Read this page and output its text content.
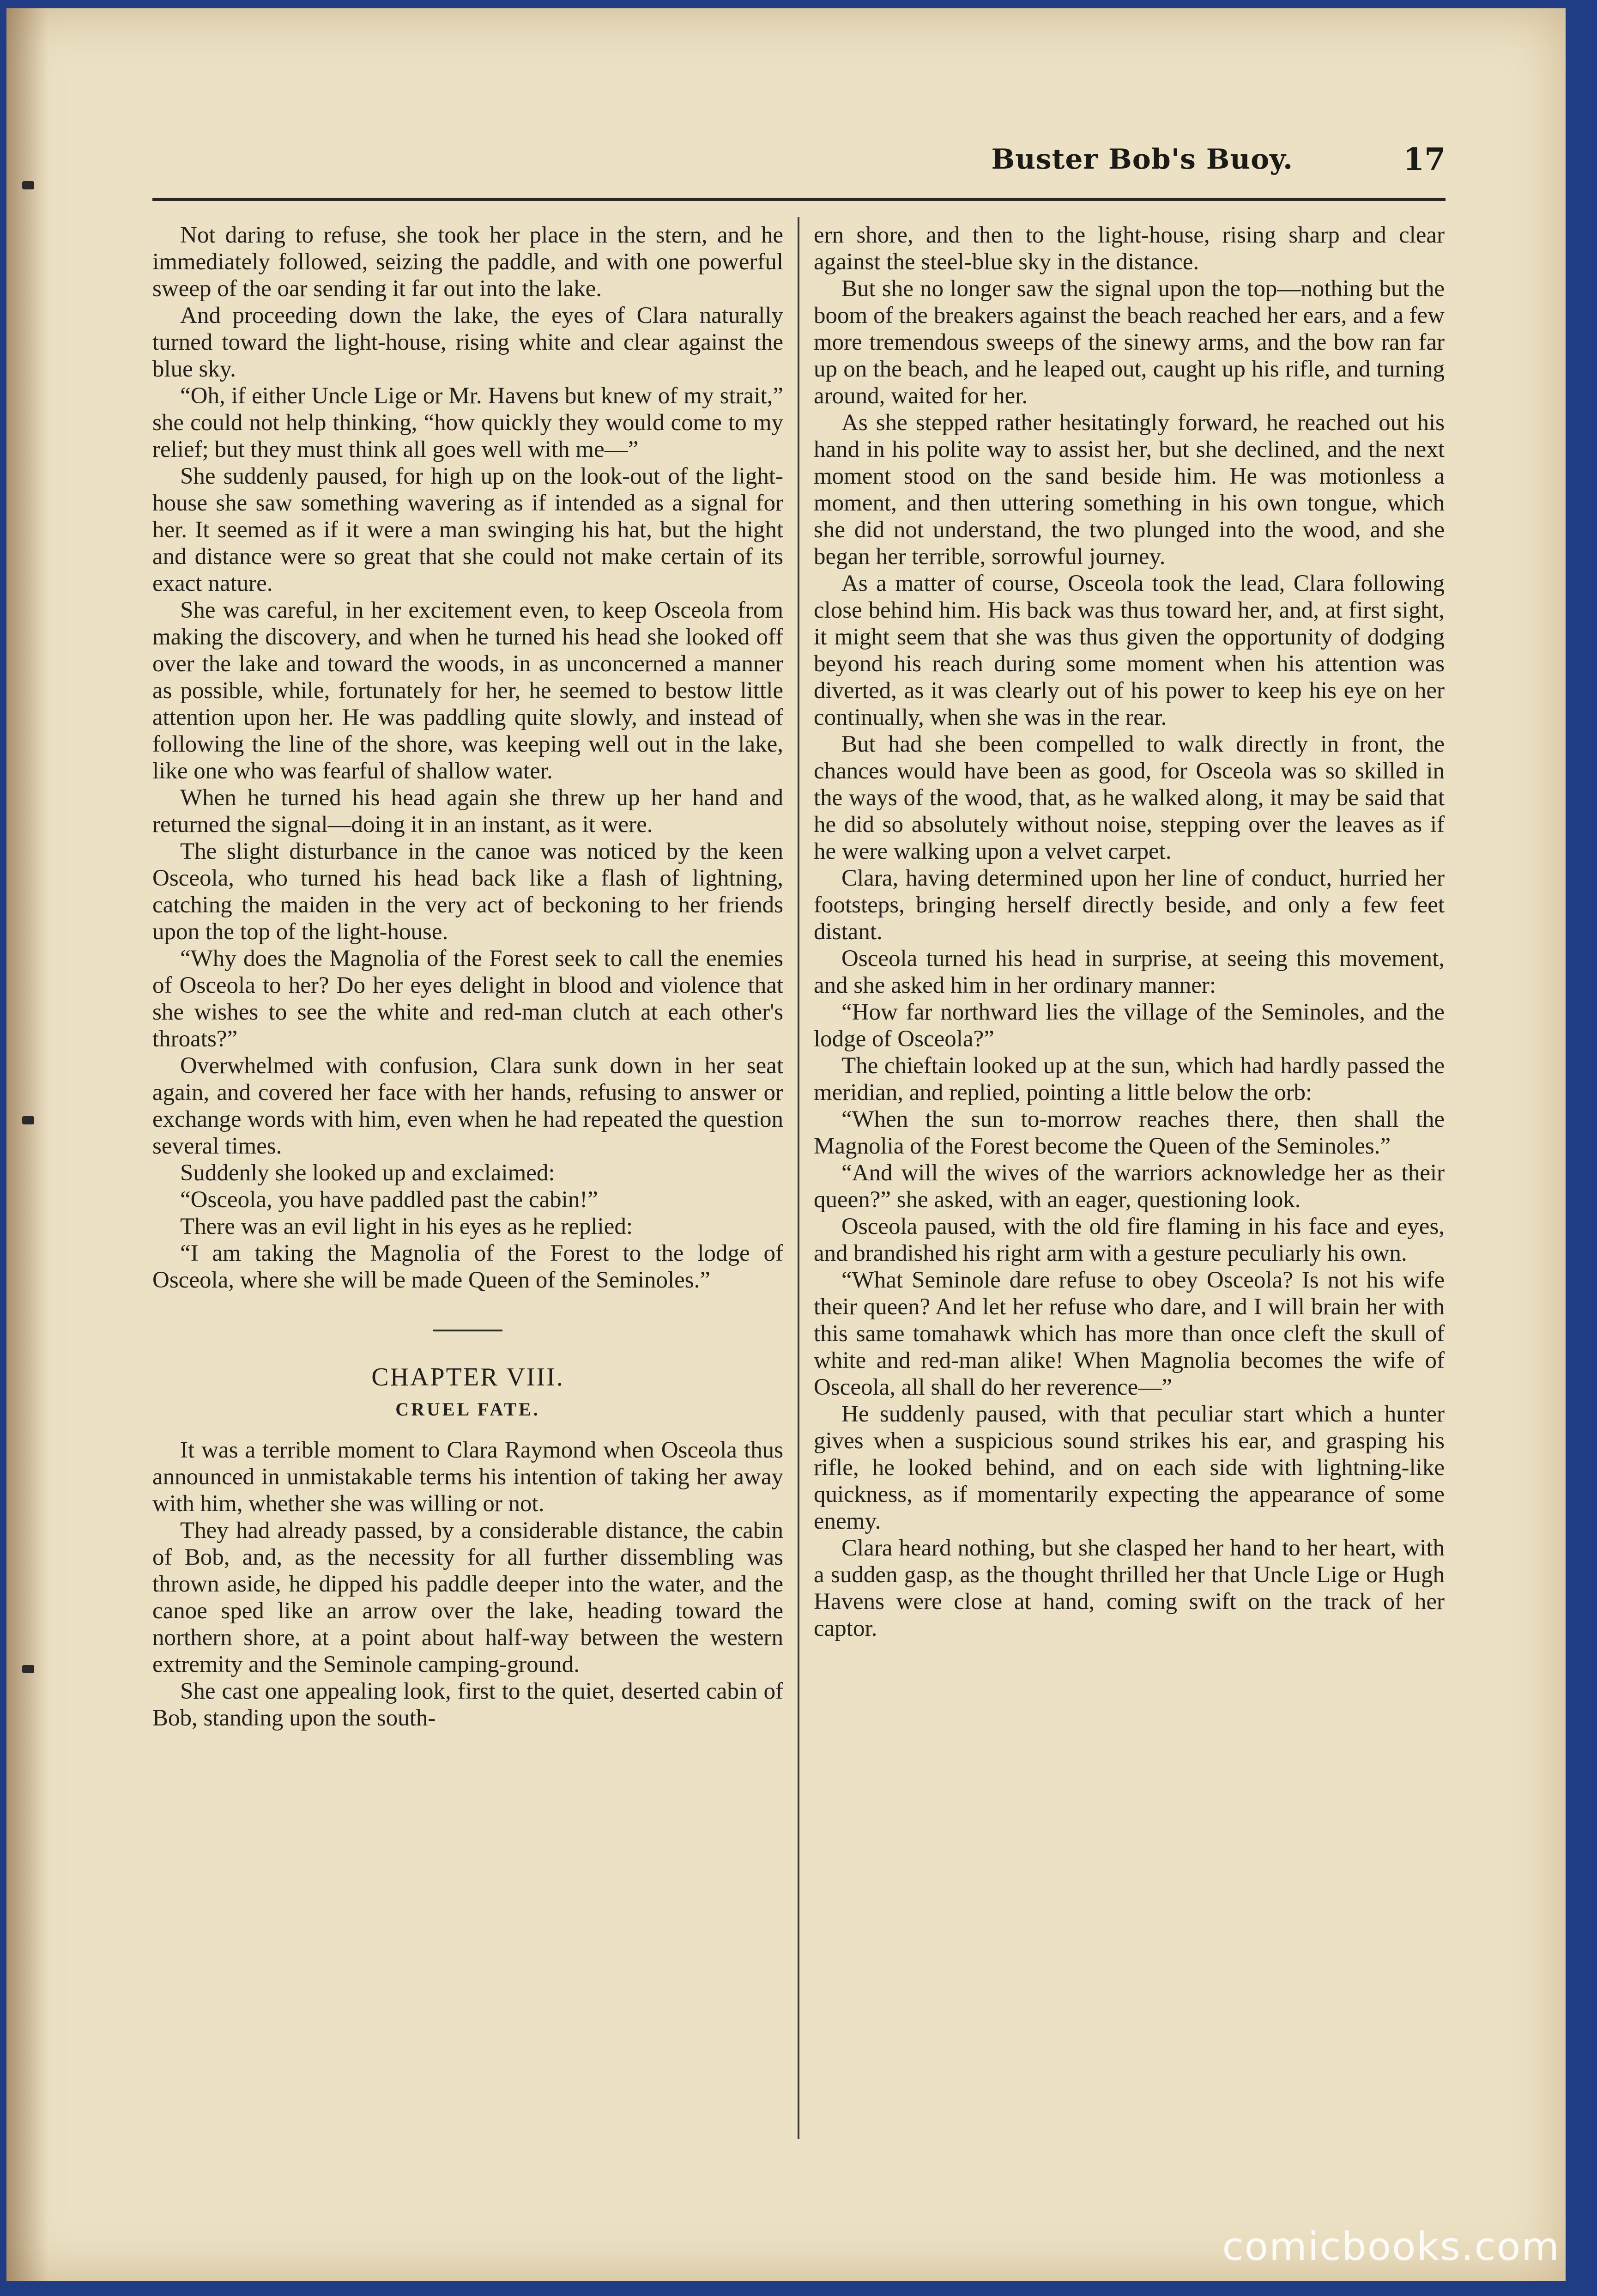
Buster Bob's Buoy.	17

Not daring to refuse, she took her place in the stern, and he immediately followed, seizing the paddle, and with one powerful sweep of the oar sending it far out into the lake.

And proceeding down the lake, the eyes of Clara naturally turned toward the light-house, rising white and clear against the blue sky.

“Oh, if either Uncle Lige or Mr. Havens but knew of my strait,” she could not help thinking, “how quickly they would come to my relief; but they must think all goes well with me—”

She suddenly paused, for high up on the look-out of the light-house she saw something wavering as if intended as a signal for her. It seemed as if it were a man swinging his hat, but the hight and distance were so great that she could not make certain of its exact nature.

She was careful, in her excitement even, to keep Osceola from making the discovery, and when he turned his head she looked off over the lake and toward the woods, in as unconcerned a manner as possible, while, fortunately for her, he seemed to bestow little attention upon her. He was paddling quite slowly, and instead of following the line of the shore, was keeping well out in the lake, like one who was fearful of shallow water.

When he turned his head again she threw up her hand and returned the signal—doing it in an instant, as it were.

The slight disturbance in the canoe was noticed by the keen Osceola, who turned his head back like a flash of lightning, catching the maiden in the very act of beckoning to her friends upon the top of the light-house.

“Why does the Magnolia of the Forest seek to call the enemies of Osceola to her? Do her eyes delight in blood and violence that she wishes to see the white and red-man clutch at each other's throats?”

Overwhelmed with confusion, Clara sunk down in her seat again, and covered her face with her hands, refusing to answer or exchange words with him, even when he had repeated the question several times.

Suddenly she looked up and exclaimed:

“Osceola, you have paddled past the cabin!”

There was an evil light in his eyes as he replied:

“I am taking the Magnolia of the Forest to the lodge of Osceola, where she will be made Queen of the Seminoles.”

CHAPTER VIII.
CRUEL FATE.

It was a terrible moment to Clara Raymond when Osceola thus announced in unmistakable terms his intention of taking her away with him, whether she was willing or not.

They had already passed, by a considerable distance, the cabin of Bob, and, as the necessity for all further dissembling was thrown aside, he dipped his paddle deeper into the water, and the canoe sped like an arrow over the lake, heading toward the northern shore, at a point about half-way between the western extremity and the Seminole camping-ground.

She cast one appealing look, first to the quiet, deserted cabin of Bob, standing upon the south-

ern shore, and then to the light-house, rising sharp and clear against the steel-blue sky in the distance.

But she no longer saw the signal upon the top—nothing but the boom of the breakers against the beach reached her ears, and a few more tremendous sweeps of the sinewy arms, and the bow ran far up on the beach, and he leaped out, caught up his rifle, and turning around, waited for her.

As she stepped rather hesitatingly forward, he reached out his hand in his polite way to assist her, but she declined, and the next moment stood on the sand beside him. He was motionless a moment, and then uttering something in his own tongue, which she did not understand, the two plunged into the wood, and she began her terrible, sorrowful journey.

As a matter of course, Osceola took the lead, Clara following close behind him. His back was thus toward her, and, at first sight, it might seem that she was thus given the opportunity of dodging beyond his reach during some moment when his attention was diverted, as it was clearly out of his power to keep his eye on her continually, when she was in the rear.

But had she been compelled to walk directly in front, the chances would have been as good, for Osceola was so skilled in the ways of the wood, that, as he walked along, it may be said that he did so absolutely without noise, stepping over the leaves as if he were walking upon a velvet carpet.

Clara, having determined upon her line of conduct, hurried her footsteps, bringing herself directly beside, and only a few feet distant.

Osceola turned his head in surprise, at seeing this movement, and she asked him in her ordinary manner:

“How far northward lies the village of the Seminoles, and the lodge of Osceola?”

The chieftain looked up at the sun, which had hardly passed the meridian, and replied, pointing a little below the orb:

“When the sun to-morrow reaches there, then shall the Magnolia of the Forest become the Queen of the Seminoles.”

“And will the wives of the warriors acknowledge her as their queen?” she asked, with an eager, questioning look.

Osceola paused, with the old fire flaming in his face and eyes, and brandished his right arm with a gesture peculiarly his own.

“What Seminole dare refuse to obey Osceola? Is not his wife their queen? And let her refuse who dare, and I will brain her with this same tomahawk which has more than once cleft the skull of white and red-man alike! When Magnolia becomes the wife of Osceola, all shall do her reverence—”

He suddenly paused, with that peculiar start which a hunter gives when a suspicious sound strikes his ear, and grasping his rifle, he looked behind, and on each side with lightning-like quickness, as if momentarily expecting the appearance of some enemy.

Clara heard nothing, but she clasped her hand to her heart, with a sudden gasp, as the thought thrilled her that Uncle Lige or Hugh Havens were close at hand, coming swift on the track of her captor.

comicbooks.com
